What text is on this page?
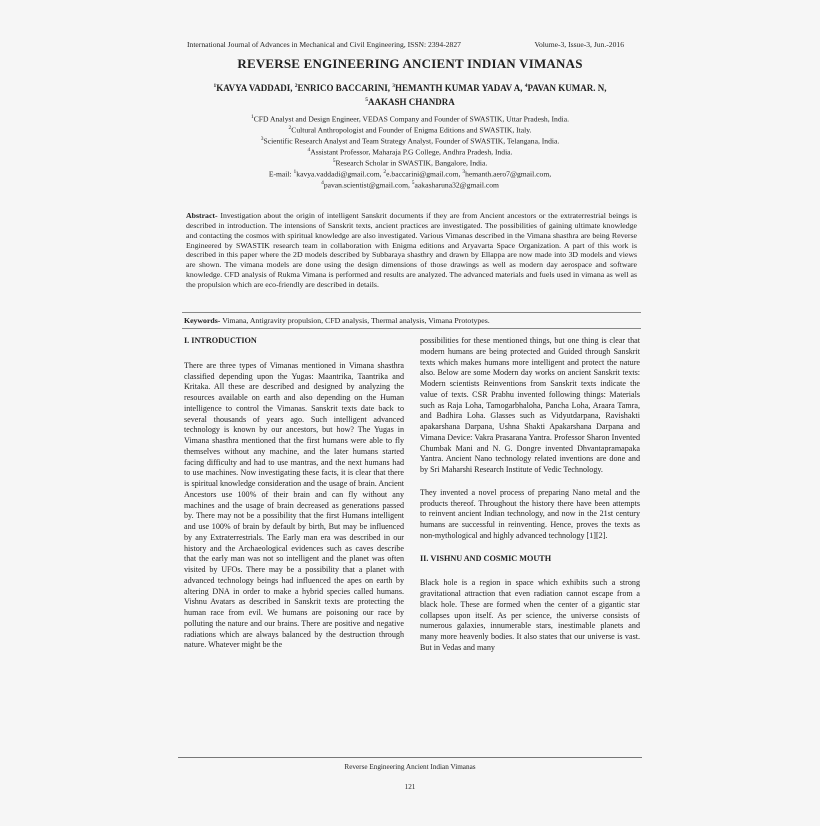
International Journal of Advances in Mechanical and Civil Engineering, ISSN: 2394-2827	Volume-3, Issue-3, Jun.-2016
REVERSE ENGINEERING ANCIENT INDIAN VIMANAS
$^1$KAVYA VADDADI, $^2$ENRICO BACCARINI, $^3$HEMANTH KUMAR YADAV A, $^4$PAVAN KUMAR. N,
$^5$AAKASH CHANDRA
$^1$CFD Analyst and Design Engineer, VEDAS Company and Founder of SWASTIK, Uttar Pradesh, India.
$^2$Cultural Anthropologist and Founder of Enigma Editions and SWASTIK, Italy.
$^3$Scientific Research Analyst and Team Strategy Analyst, Founder of SWASTIK, Telangana, India.
$^4$Assistant Professor, Maharaja P.G College, Andhra Pradesh, India.
$^5$Research Scholar in SWASTIK, Bangalore, India.
E-mail: $^1$kavya.vaddadi@gmail.com, $^2$e.baccarini@gmail.com, $^3$hemanth.aero7@gmail.com,
$^4$pavan.scientist@gmail.com, $^5$aakasharuna32@gmail.com
Abstract- Investigation about the origin of intelligent Sanskrit documents if they are from Ancient ancestors or the extraterrestrial beings is described in introduction. The intensions of Sanskrit texts, ancient practices are investigated. The possibilities of gaining ultimate knowledge and contacting the cosmos with spiritual knowledge are also investigated. Various Vimanas described in the Vimana shasthra are being Reverse Engineered by SWASTIK research team in collaboration with Enigma editions and Aryavarta Space Organization. A part of this work is described in this paper where the 2D models described by Subbaraya shasthry and drawn by Ellappa are now made into 3D models and views are shown. The vimana models are done using the design dimensions of those drawings as well as modern day aerospace and software knowledge. CFD analysis of Rukma Vimana is performed and results are analyzed. The advanced materials and fuels used in vimana as well as the propulsion which are eco-friendly are described in details.
Keywords- Vimana, Antigravity propulsion, CFD analysis, Thermal analysis, Vimana Prototypes.
I. INTRODUCTION

There are three types of Vimanas mentioned in Vimana shasthra classified depending upon the Yugas: Maantrika, Taantrika and Kritaka. All these are described and designed by analyzing the resources available on earth and also depending on the Human intelligence to control the Vimanas. Sanskrit texts date back to several thousands of years ago. Such intelligent advanced technology is known by our ancestors, but how? The Yugas in Vimana shasthra mentioned that the first humans were able to fly themselves without any machine, and the later humans started facing difficulty and had to use mantras, and the next humans had to use machines. Now investigating these facts, it is clear that there is spiritual knowledge consideration and the usage of brain. Ancient Ancestors use 100% of their brain and can fly without any machines and the usage of brain decreased as generations passed by. There may not be a possibility that the first Humans intelligent and use 100% of brain by default by birth, But may be influenced by any Extraterrestrials. The Early man era was described in our history and the Archaeological evidences such as caves describe that the early man was not so intelligent and the planet was often visited by UFOs. There may be a possibility that a planet with advanced technology beings had influenced the apes on earth by altering DNA in order to make a hybrid species called humans. Vishnu Avatars as described in Sanskrit texts are protecting the human race from evil. We humans are poisoning our race by polluting the nature and our brains. There are positive and negative radiations which are always balanced by the destruction through nature. Whatever might be the

possibilities for these mentioned things, but one thing is clear that modern humans are being protected and Guided through Sanskrit texts which makes humans more intelligent and protect the nature also. Below are some Modern day works on ancient Sanskrit texts: Modern scientists Reinventions from Sanskrit texts indicate the value of texts. CSR Prabhu invented following things: Materials such as Raja Loha, Tamogarbhaloha, Pancha Loha, Araara Tamra, and Badhira Loha. Glasses such as Vidyutdarpana, Ravishakti apakarshana Darpana, Ushna Shakti Apakarshana Darpana and Vimana Device: Vakra Prasarana Yantra. Professor Sharon Invented Chumbak Mani and N. G. Dongre invented Dhvantapramapaka Yantra. Ancient Nano technology related inventions are done and by Sri Maharshi Research Institute of Vedic Technology.

They invented a novel process of preparing Nano metal and the products thereof. Throughout the history there have been attempts to reinvent ancient Indian technology, and now in the 21st century humans are successful in reinventing. Hence, proves the texts as non-mythological and highly advanced technology [1][2].

II. VISHNU AND COSMIC MOUTH

Black hole is a region in space which exhibits such a strong gravitational attraction that even radiation cannot escape from a black hole. These are formed when the center of a gigantic star collapses upon itself. As per science, the universe consists of numerous galaxies, innumerable stars, inestimable planets and many more heavenly bodies. It also states that our universe is vast. But in Vedas and many

Reverse Engineering Ancient Indian Vimanas
121
